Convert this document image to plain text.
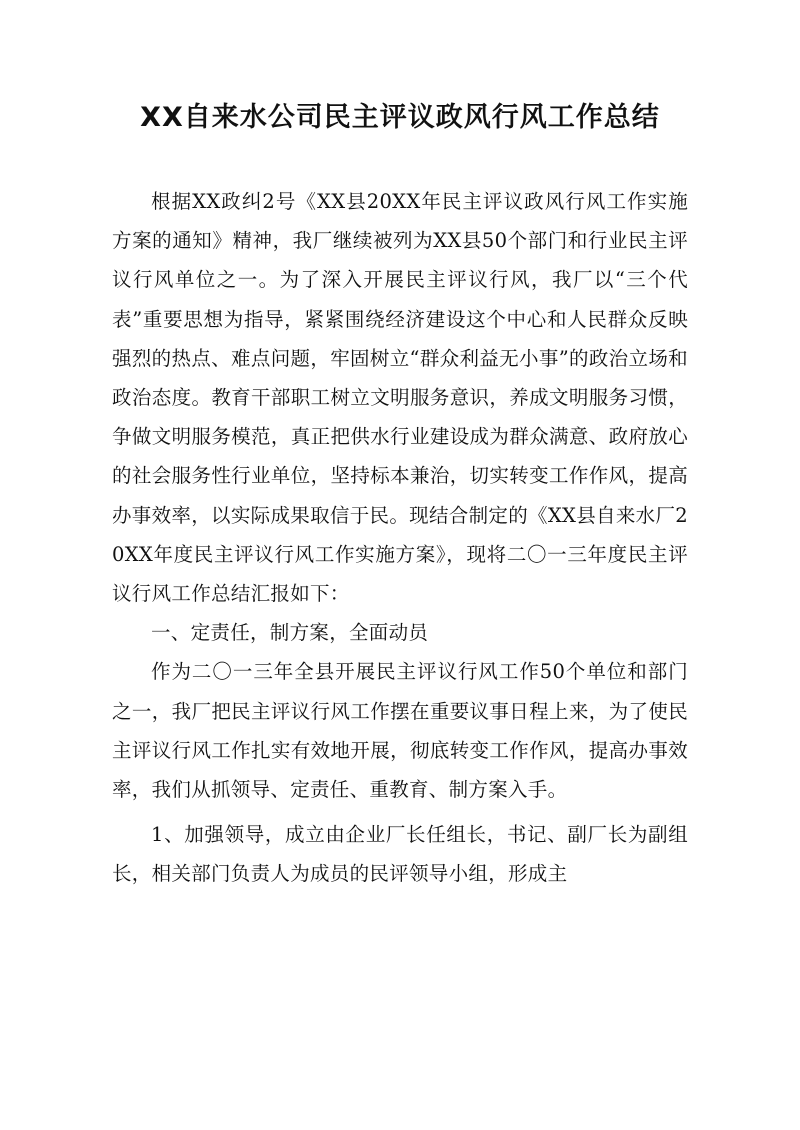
XX自来水公司民主评议政风行风工作总结

根据XX政纠2号《XX县20XX年民主评议政风行风工作实施方案的通知》精神，我厂继续被列为XX县50个部门和行业民主评议行风单位之一。为了深入开展民主评议行风，我厂以“三个代表”重要思想为指导，紧紧围绕经济建设这个中心和人民群众反映强烈的热点、难点问题，牢固树立“群众利益无小事”的政治立场和政治态度。教育干部职工树立文明服务意识，养成文明服务习惯，争做文明服务模范，真正把供水行业建设成为群众满意、政府放心的社会服务性行业单位，坚持标本兼治，切实转变工作作风，提高办事效率，以实际成果取信于民。现结合制定的《XX县自来水厂20XX年度民主评议行风工作实施方案》，现将二〇一三年度民主评议行风工作总结汇报如下：

一、定责任，制方案，全面动员

作为二〇一三年全县开展民主评议行风工作50个单位和部门之一，我厂把民主评议行风工作摆在重要议事日程上来，为了使民主评议行风工作扎实有效地开展，彻底转变工作作风，提高办事效率，我们从抓领导、定责任、重教育、制方案入手。

1、加强领导，成立由企业厂长任组长，书记、副厂长为副组长，相关部门负责人为成员的民评领导小组，形成主
